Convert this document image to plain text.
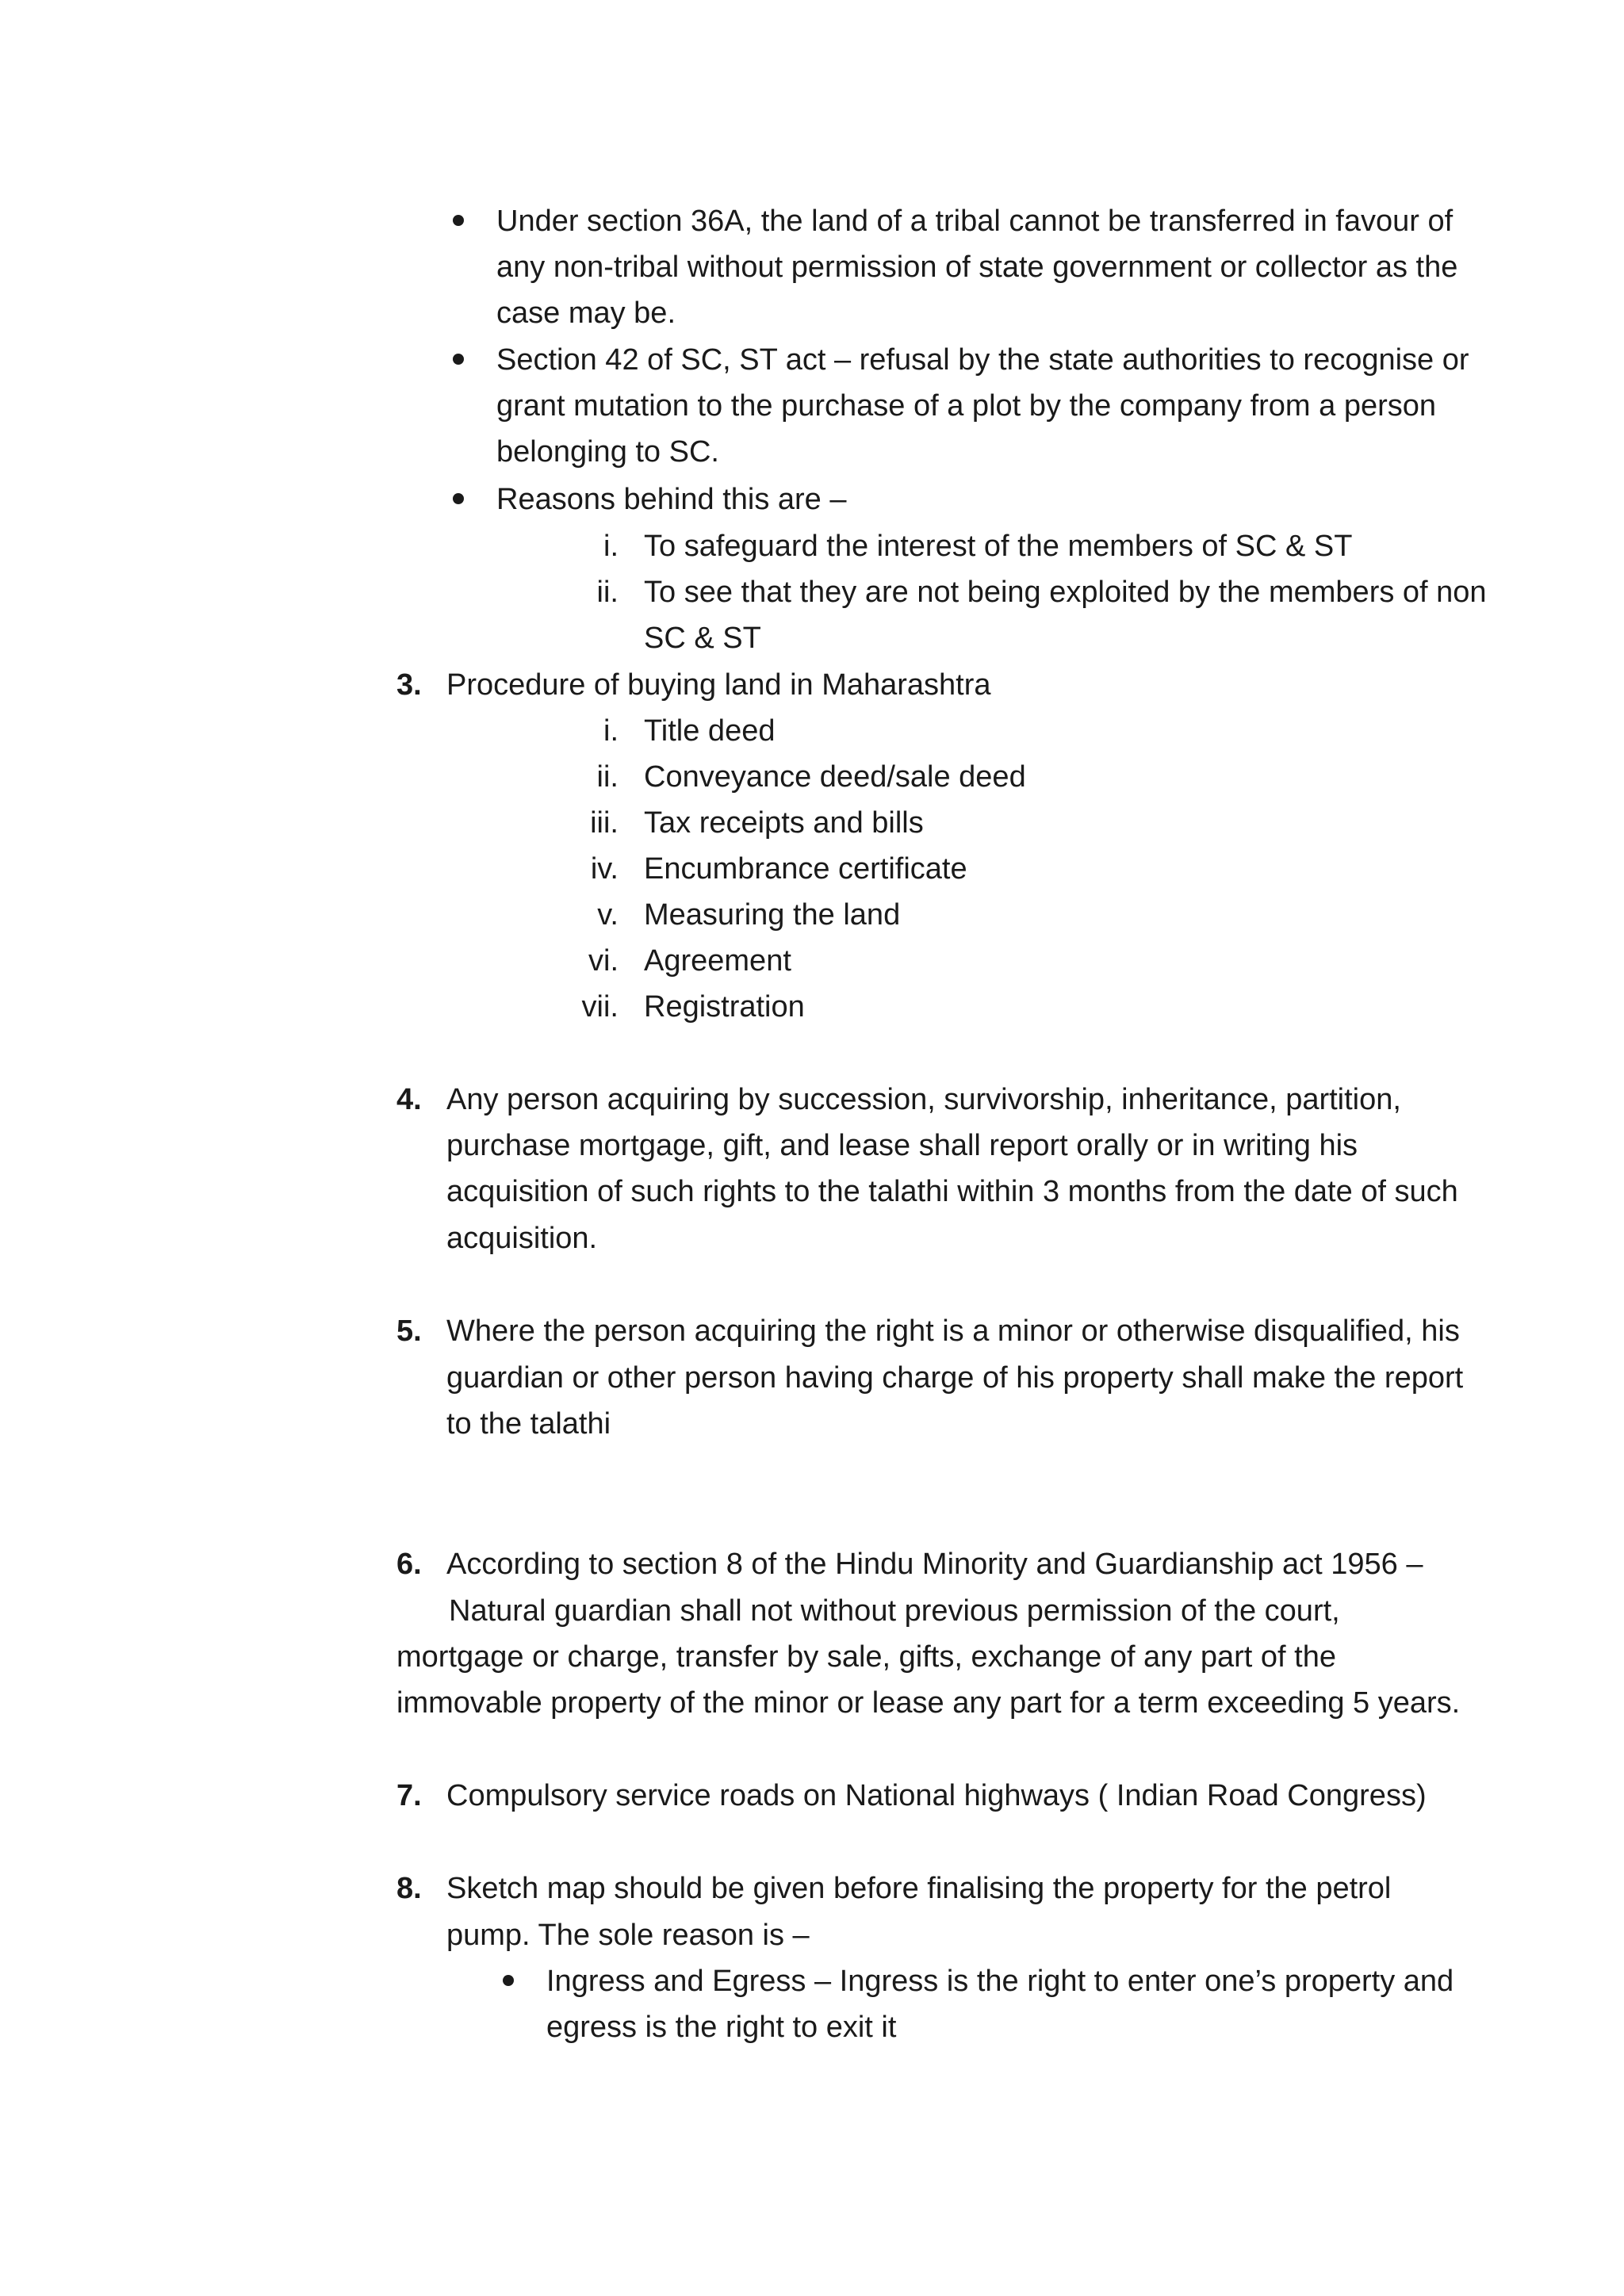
Under section 36A, the land of a tribal cannot be transferred in favour of
any non-tribal without permission of state government or collector as the
case may be.
Section 42 of SC, ST act – refusal by the state authorities to recognise or
grant mutation to the purchase of a plot by the company from a person
belonging to SC.
Reasons behind this are –
i. To safeguard the interest of the members of SC & ST
ii. To see that they are not being exploited by the members of non
SC & ST
3. Procedure of buying land in Maharashtra
i. Title deed
ii. Conveyance deed/sale deed
iii. Tax receipts and bills
iv. Encumbrance certificate
v. Measuring the land
vi. Agreement
vii. Registration
4. Any person acquiring by succession, survivorship, inheritance, partition,
purchase mortgage, gift, and lease shall report orally or in writing his
acquisition of such rights to the talathi within 3 months from the date of such
acquisition.
5. Where the person acquiring the right is a minor or otherwise disqualified, his
guardian or other person having charge of his property shall make the report
to the talathi
6. According to section 8 of the Hindu Minority and Guardianship act 1956 –
Natural guardian shall not without previous permission of the court,
mortgage or charge, transfer by sale, gifts, exchange of any part of the
immovable property of the minor or lease any part for a term exceeding 5 years.
7. Compulsory service roads on National highways ( Indian Road Congress)
8. Sketch map should be given before finalising the property for the petrol
pump. The sole reason is –
Ingress and Egress – Ingress is the right to enter one’s property and
egress is the right to exit it
